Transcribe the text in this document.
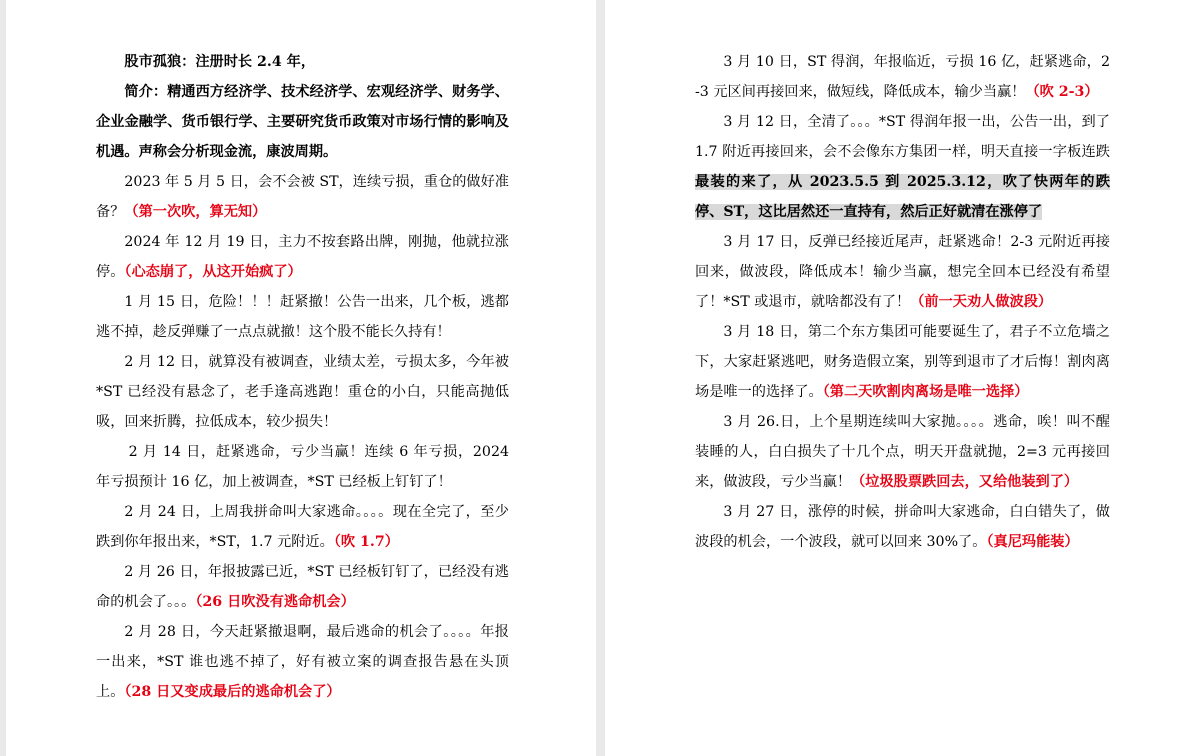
股市孤狼：注册时长 2.4 年，

简介：精通西方经济学、技术经济学、宏观经济学、财务学、企业金融学、货币银行学、主要研究货币政策对市场行情的影响及机遇。声称会分析现金流，康波周期。

2023 年 5 月 5 日，会不会被 ST，连续亏损，重仓的做好准备？（第一次吹，算无知）

2024 年 12 月 19 日，主力不按套路出牌，刚抛，他就拉涨停。（心态崩了，从这开始疯了）

1 月 15 日，危险！！！赶紧撤！公告一出来，几个板，逃都逃不掉，趁反弹赚了一点点就撤！这个股不能长久持有！

2 月 12 日，就算没有被调查，业绩太差，亏损太多，今年被*ST 已经没有悬念了，老手逢高逃跑！重仓的小白，只能高抛低吸，回来折腾，拉低成本，较少损失！

2 月 14 日，赶紧逃命，亏少当赢！连续 6 年亏损，2024 年亏损预计 16 亿，加上被调查，*ST 已经板上钉钉了！

2 月 24 日，上周我拼命叫大家逃命。。。。现在全完了，至少跌到你年报出来，*ST，1.7 元附近。（吹 1.7）

2 月 26 日，年报披露已近，*ST 已经板钉钉了，已经没有逃命的机会了。。。（26 日吹没有逃命机会）

2 月 28 日，今天赶紧撤退啊，最后逃命的机会了。。。。年报一出来，*ST 谁也逃不掉了，好有被立案的调查报告悬在头顶上。（28 日又变成最后的逃命机会了）

3 月 10 日，ST 得润，年报临近，亏损 16 亿，赶紧逃命，2-3 元区间再接回来，做短线，降低成本，输少当赢！（吹 2-3）

3 月 12 日，全清了。。。*ST 得润年报一出，公告一出，到了 1.7 附近再接回来，会不会像东方集团一样，明天直接一字板连跌最装的来了，从 2023.5.5 到 2025.3.12，吹了快两年的跌停、ST，这比居然还一直持有，然后正好就清在涨停了

3 月 17 日，反弹已经接近尾声，赶紧逃命！2-3 元附近再接回来，做波段，降低成本！输少当赢，想完全回本已经没有希望了！*ST 或退市，就啥都没有了！（前一天劝人做波段）

3 月 18 日，第二个东方集团可能要诞生了，君子不立危墙之下，大家赶紧逃吧，财务造假立案，别等到退市了才后悔！割肉离场是唯一的选择了。（第二天吹割肉离场是唯一选择）

3 月 26.日，上个星期连续叫大家抛。。。。逃命，唉！叫不醒装睡的人，白白损失了十几个点，明天开盘就抛，2=3 元再接回来，做波段，亏少当赢！（垃圾股票跌回去，又给他装到了）

3 月 27 日，涨停的时候，拼命叫大家逃命，白白错失了，做波段的机会，一个波段，就可以回来 30%了。（真尼玛能装）
